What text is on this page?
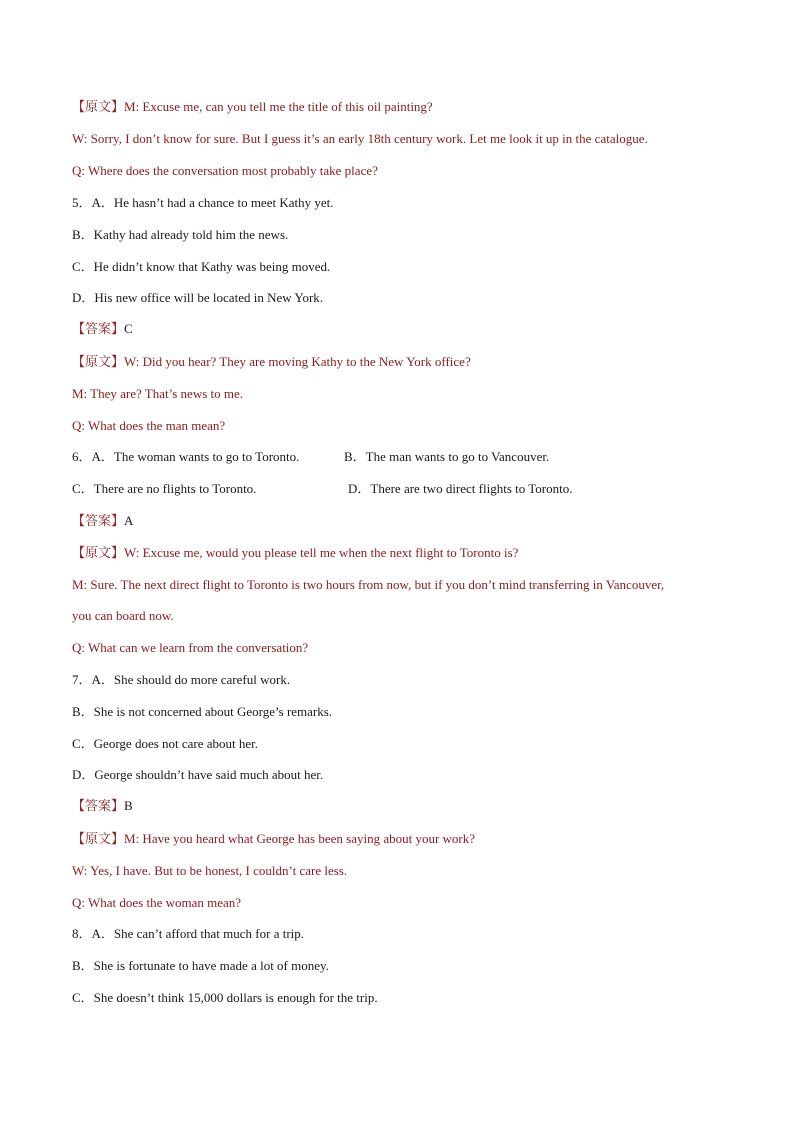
【原文】M: Excuse me, can you tell me the title of this oil painting?
W: Sorry, I don’t know for sure. But I guess it’s an early 18th century work. Let me look it up in the catalogue.
Q: Where does the conversation most probably take place?
5．A．He hasn’t had a chance to meet Kathy yet.
B．Kathy had already told him the news.
C．He didn’t know that Kathy was being moved.
D．His new office will be located in New York.
【答案】C
【原文】W: Did you hear? They are moving Kathy to the New York office?
M: They are? That’s news to me.
Q: What does the man mean?
6．A．The woman wants to go to Toronto.	B．The man wants to go to Vancouver.
C．There are no flights to Toronto.	D．There are two direct flights to Toronto.
【答案】A
【原文】W: Excuse me, would you please tell me when the next flight to Toronto is?
M: Sure. The next direct flight to Toronto is two hours from now, but if you don’t mind transferring in Vancouver,
you can board now.
Q: What can we learn from the conversation?
7．A．She should do more careful work.
B．She is not concerned about George’s remarks.
C．George does not care about her.
D．George shouldn’t have said much about her.
【答案】B
【原文】M: Have you heard what George has been saying about your work?
W: Yes, I have. But to be honest, I couldn’t care less.
Q: What does the woman mean?
8．A．She can’t afford that much for a trip.
B．She is fortunate to have made a lot of money.
C．She doesn’t think 15,000 dollars is enough for the trip.
